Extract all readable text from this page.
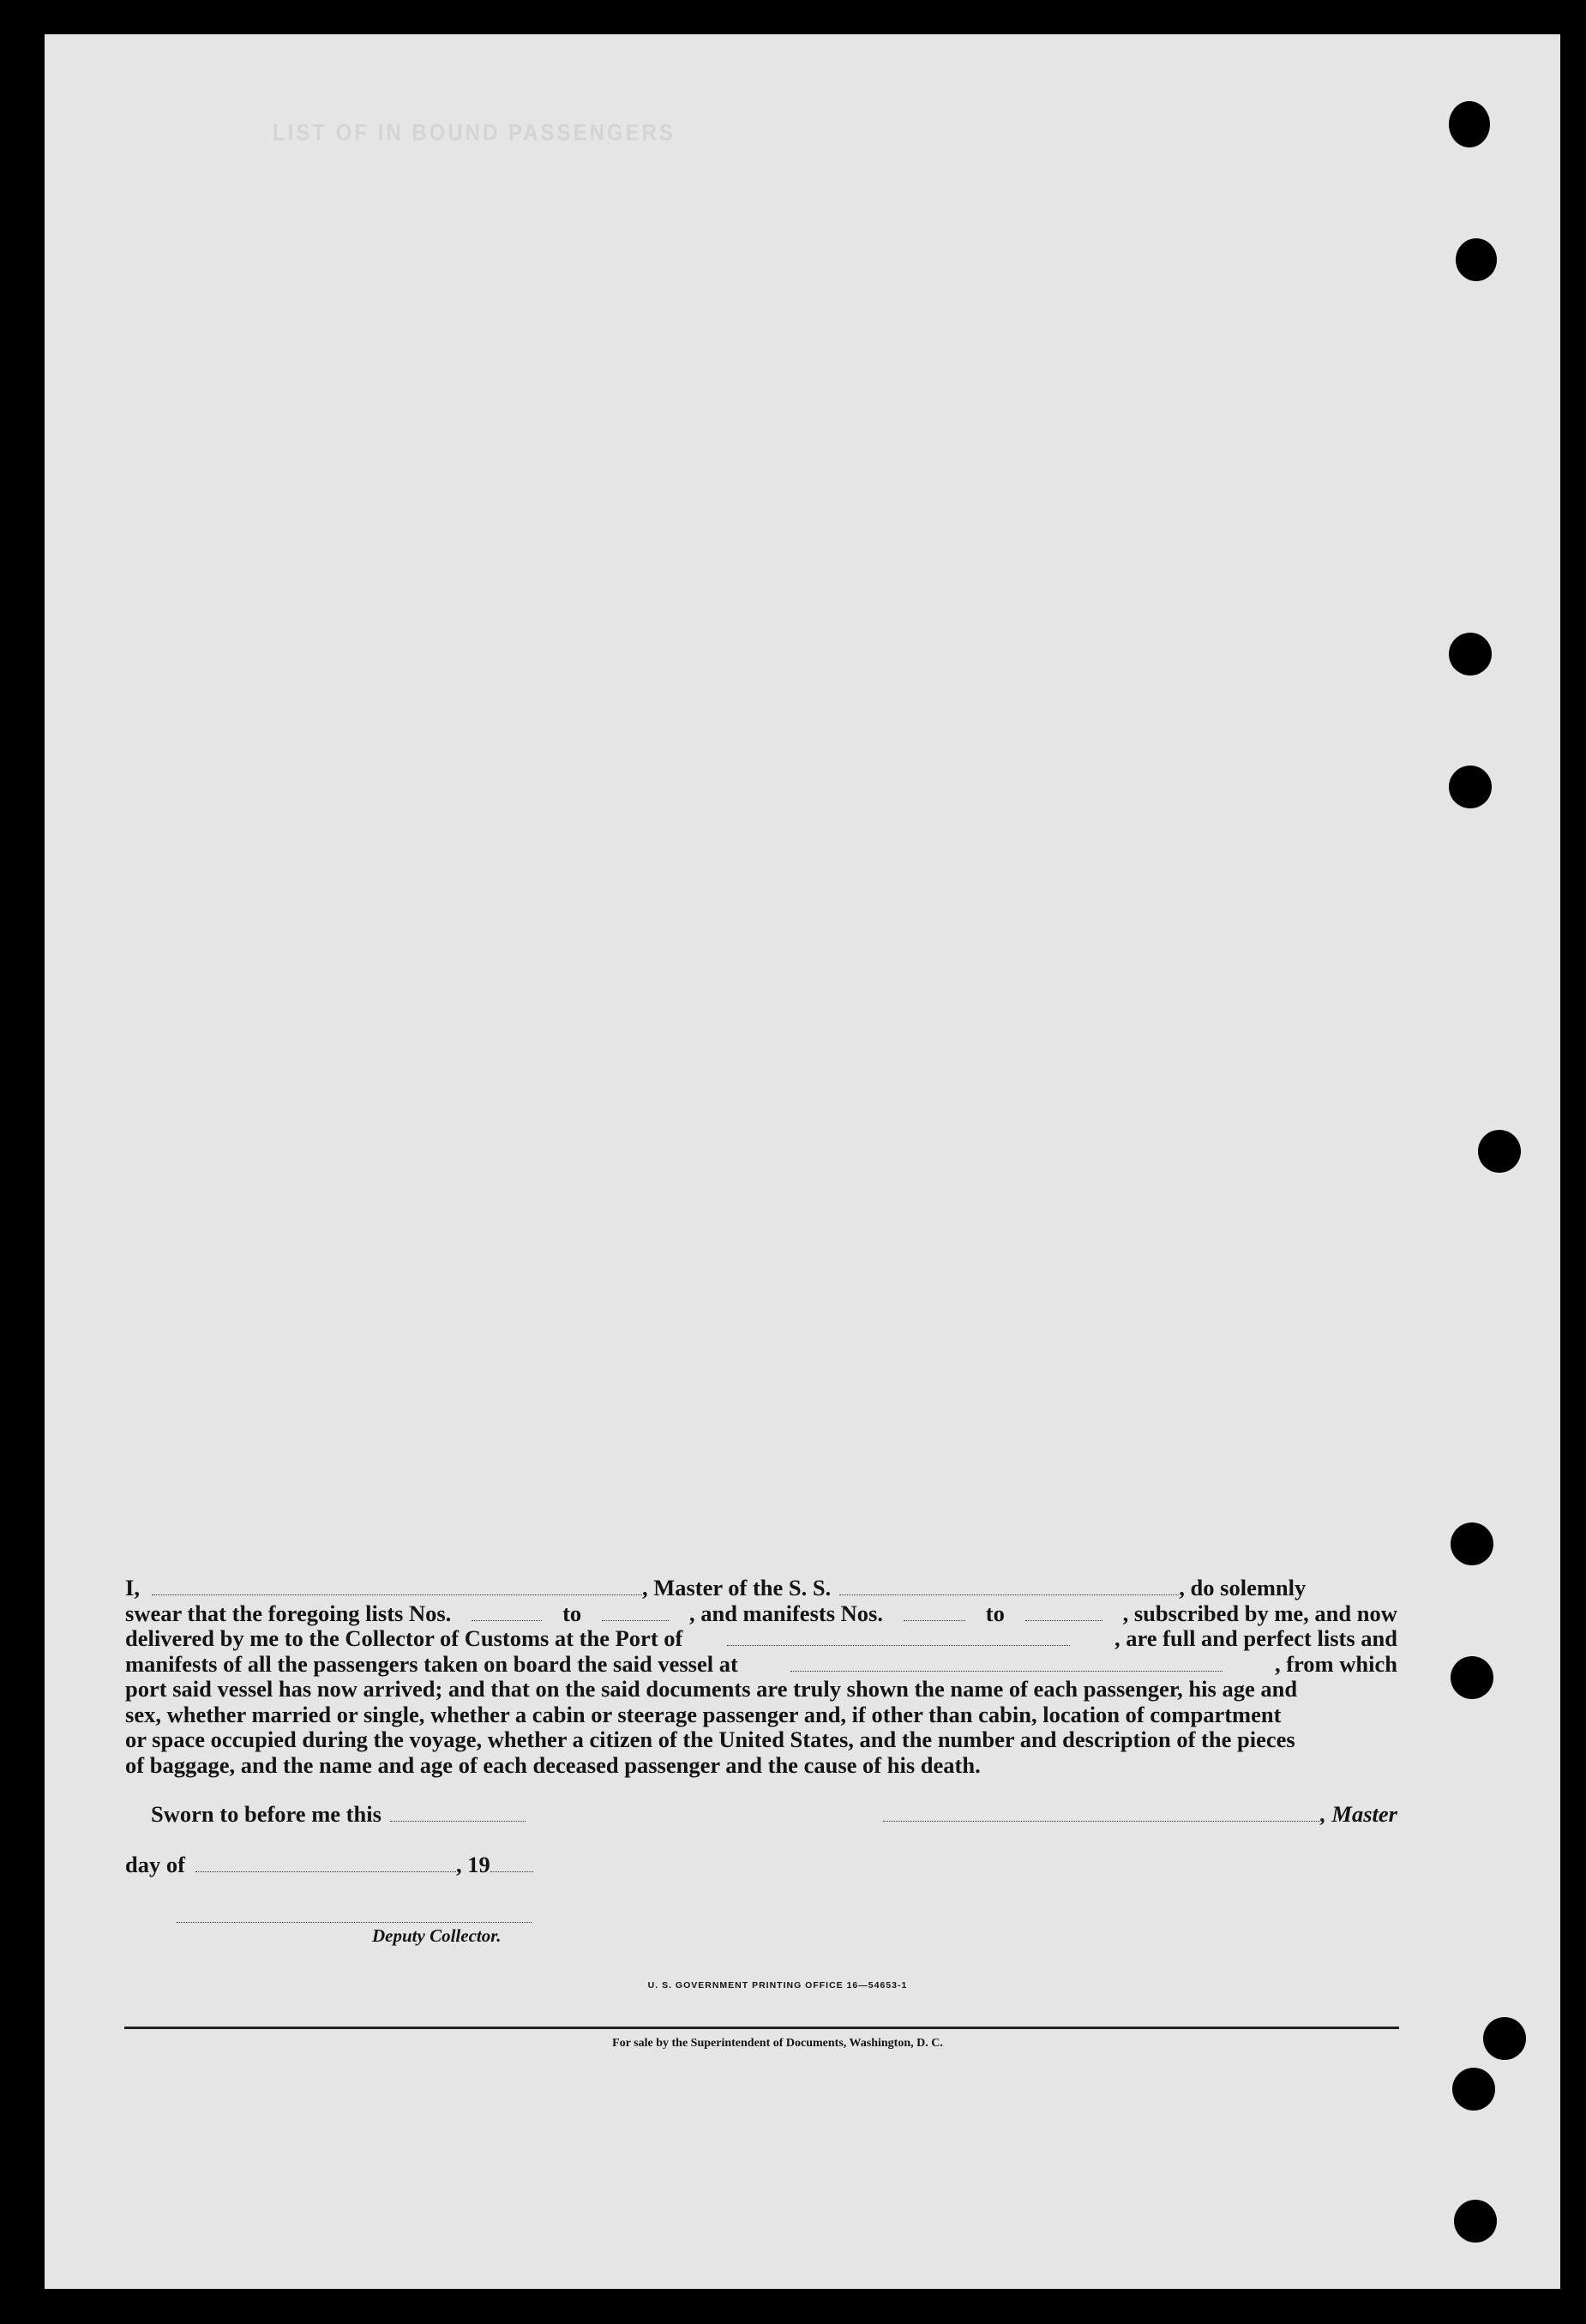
LIST OF IN BOUND PASSENGERS
I,	, Master of the S. S.	, do solemnly
swear that the foregoing lists Nos.	to	, and manifests Nos.	to	, subscribed by me, and now
delivered by me to the Collector of Customs at the Port of	, are full and perfect lists and
manifests of all the passengers taken on board the said vessel at	, from which
port said vessel has now arrived; and that on the said documents are truly shown the name of each passenger, his age and
sex, whether married or single, whether a cabin or steerage passenger and, if other than cabin, location of compartment
or space occupied during the voyage, whether a citizen of the United States, and the number and description of the pieces
of baggage, and the name and age of each deceased passenger and the cause of his death.
Sworn to before me this	, Master
day of	, 19
Deputy Collector.
U. S. GOVERNMENT PRINTING OFFICE 16—54653-1
For sale by the Superintendent of Documents, Washington, D. C.
